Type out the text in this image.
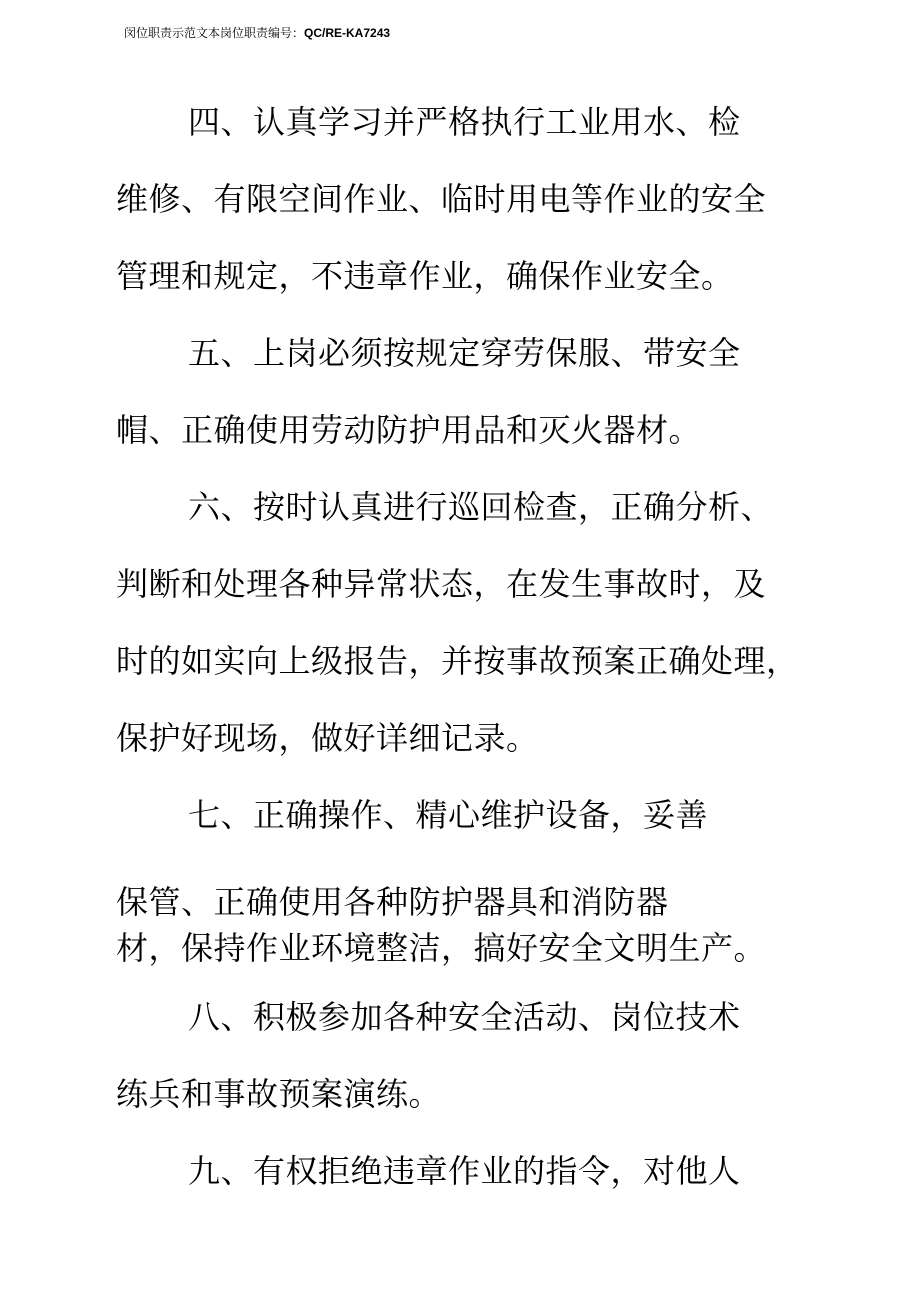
闵位职责示范文本岗位职责编号：QC/RE-KA7243
四、认真学习并严格执行工业用水、检
维修、有限空间作业、临时用电等作业的安全
管理和规定，不违章作业，确保作业安全。
五、上岗必须按规定穿劳保服、带安全
帽、正确使用劳动防护用品和灭火器材。
六、按时认真进行巡回检查，正确分析、
判断和处理各种异常状态，在发生事故时，及
时的如实向上级报告，并按事故预案正确处理，
保护好现场，做好详细记录。
七、正确操作、精心维护设备，妥善
保管、正确使用各种防护器具和消防器
材，保持作业环境整洁，搞好安全文明生产。
八、积极参加各种安全活动、岗位技术
练兵和事故预案演练。
九、有权拒绝违章作业的指令，对他人
